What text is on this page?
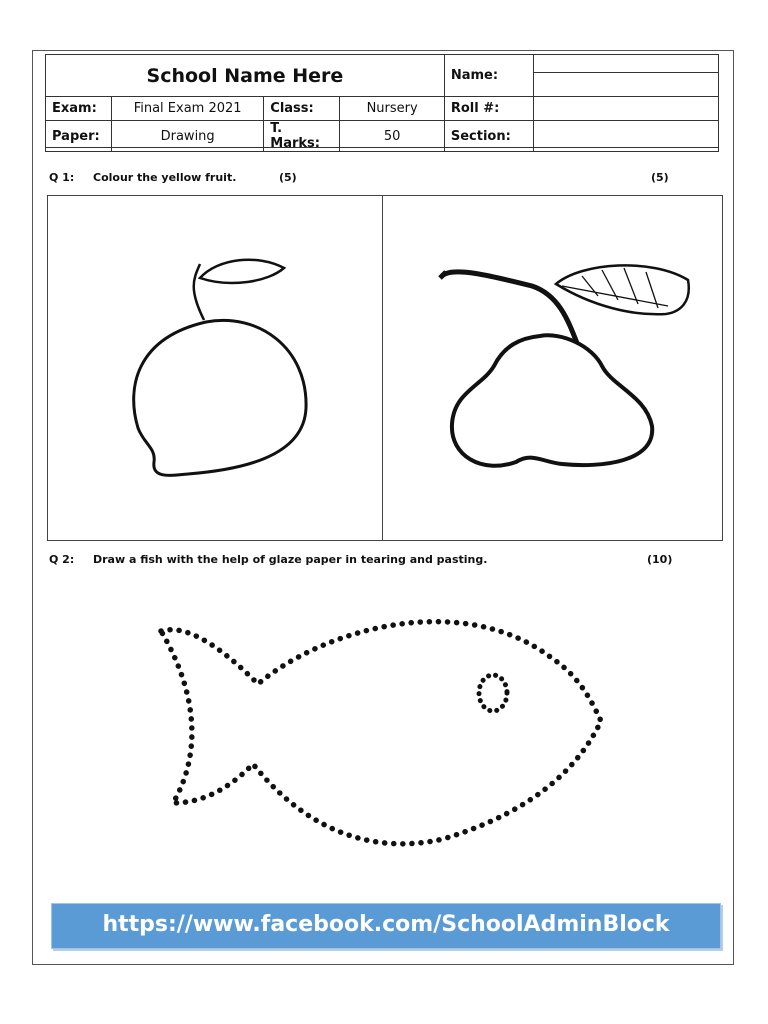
School Name Here				Name:	

Exam:	Final Exam 2021	Class:	Nursery	Roll #:	
Paper:	Drawing	T. Marks:	50	Section:	
Q 1: Colour the yellow fruit.	(5)	(5)
Q 2: Draw a fish with the help of glaze paper in tearing and pasting.	(10)
https://www.facebook.com/SchoolAdminBlock
